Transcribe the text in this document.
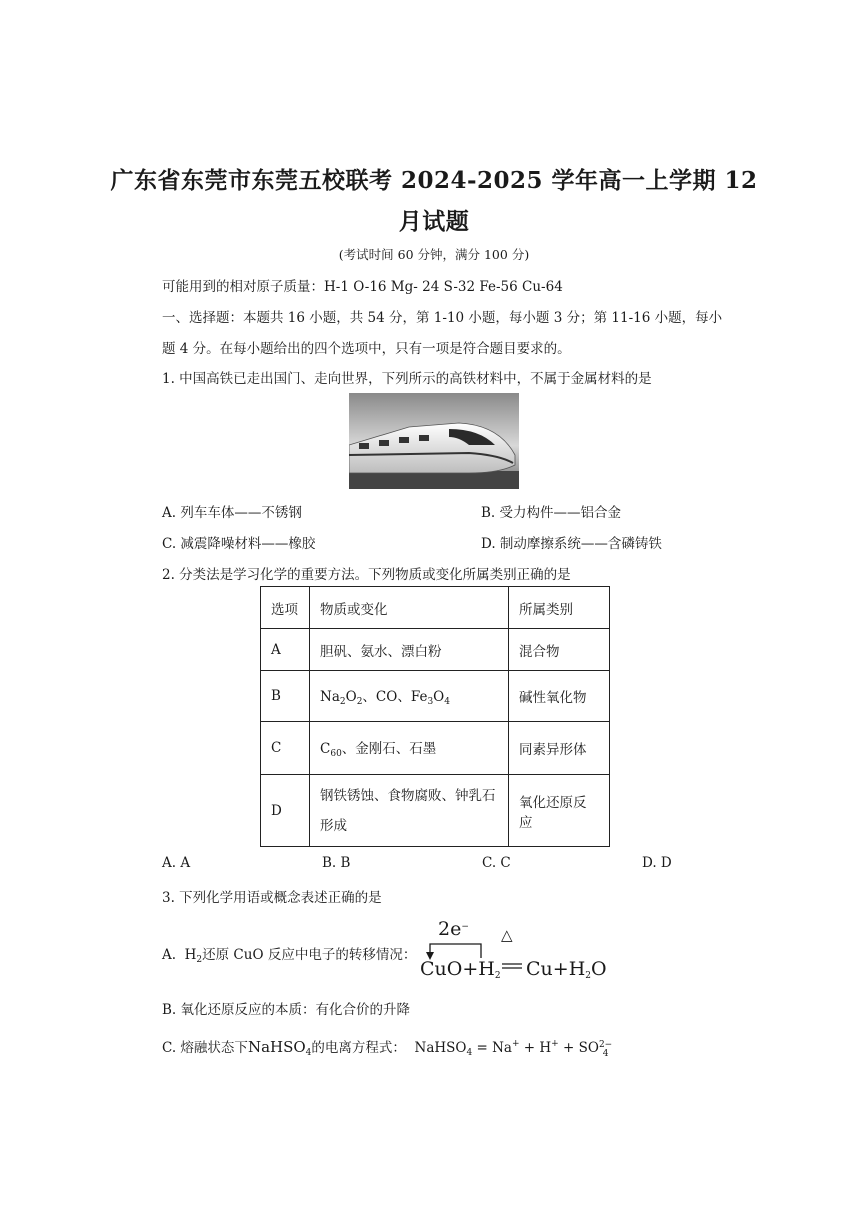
广东省东莞市东莞五校联考 2024-2025 学年高一上学期 12
月试题
(考试时间 60 分钟，满分 100 分)
可能用到的相对原子质量：H-1 O-16 Mg- 24 S-32 Fe-56 Cu-64
一、选择题：本题共 16 小题，共 54 分，第 1-10 小题，每小题 3 分；第 11-16 小题，每小
题 4 分。在每小题给出的四个选项中，只有一项是符合题目要求的。
1. 中国高铁已走出国门、走向世界，下列所示的高铁材料中，不属于金属材料的是
A. 列车车体——不锈钢	B. 受力构件——铝合金
C. 减震降噪材料——橡胶	D. 制动摩擦系统——含磷铸铁
2. 分类法是学习化学的重要方法。下列物质或变化所属类别正确的是
选项	物质或变化	所属类别
A	胆矾、氨水、漂白粉	混合物
B	$Na_2O_2$、CO、$Fe_3O_4$	碱性氧化物
C	$C_{60}$、金刚石、石墨	同素异形体
D	钢铁锈蚀、食物腐败、钟乳石形成	氧化还原反应
A. A	B. B	C. C	D. D
3. 下列化学用语或概念表述正确的是
A.  $H_2$还原 CuO 反应中电子的转移情况：
2e− △
$CuO+H_2$ $Cu+H_2O$
B. 氧化还原反应的本质：有化合价的升降
C. 熔融状态下NaHSO$_4$的电离方程式： NaHSO$_4$ = Na+ + H+ + SO 2−
4
